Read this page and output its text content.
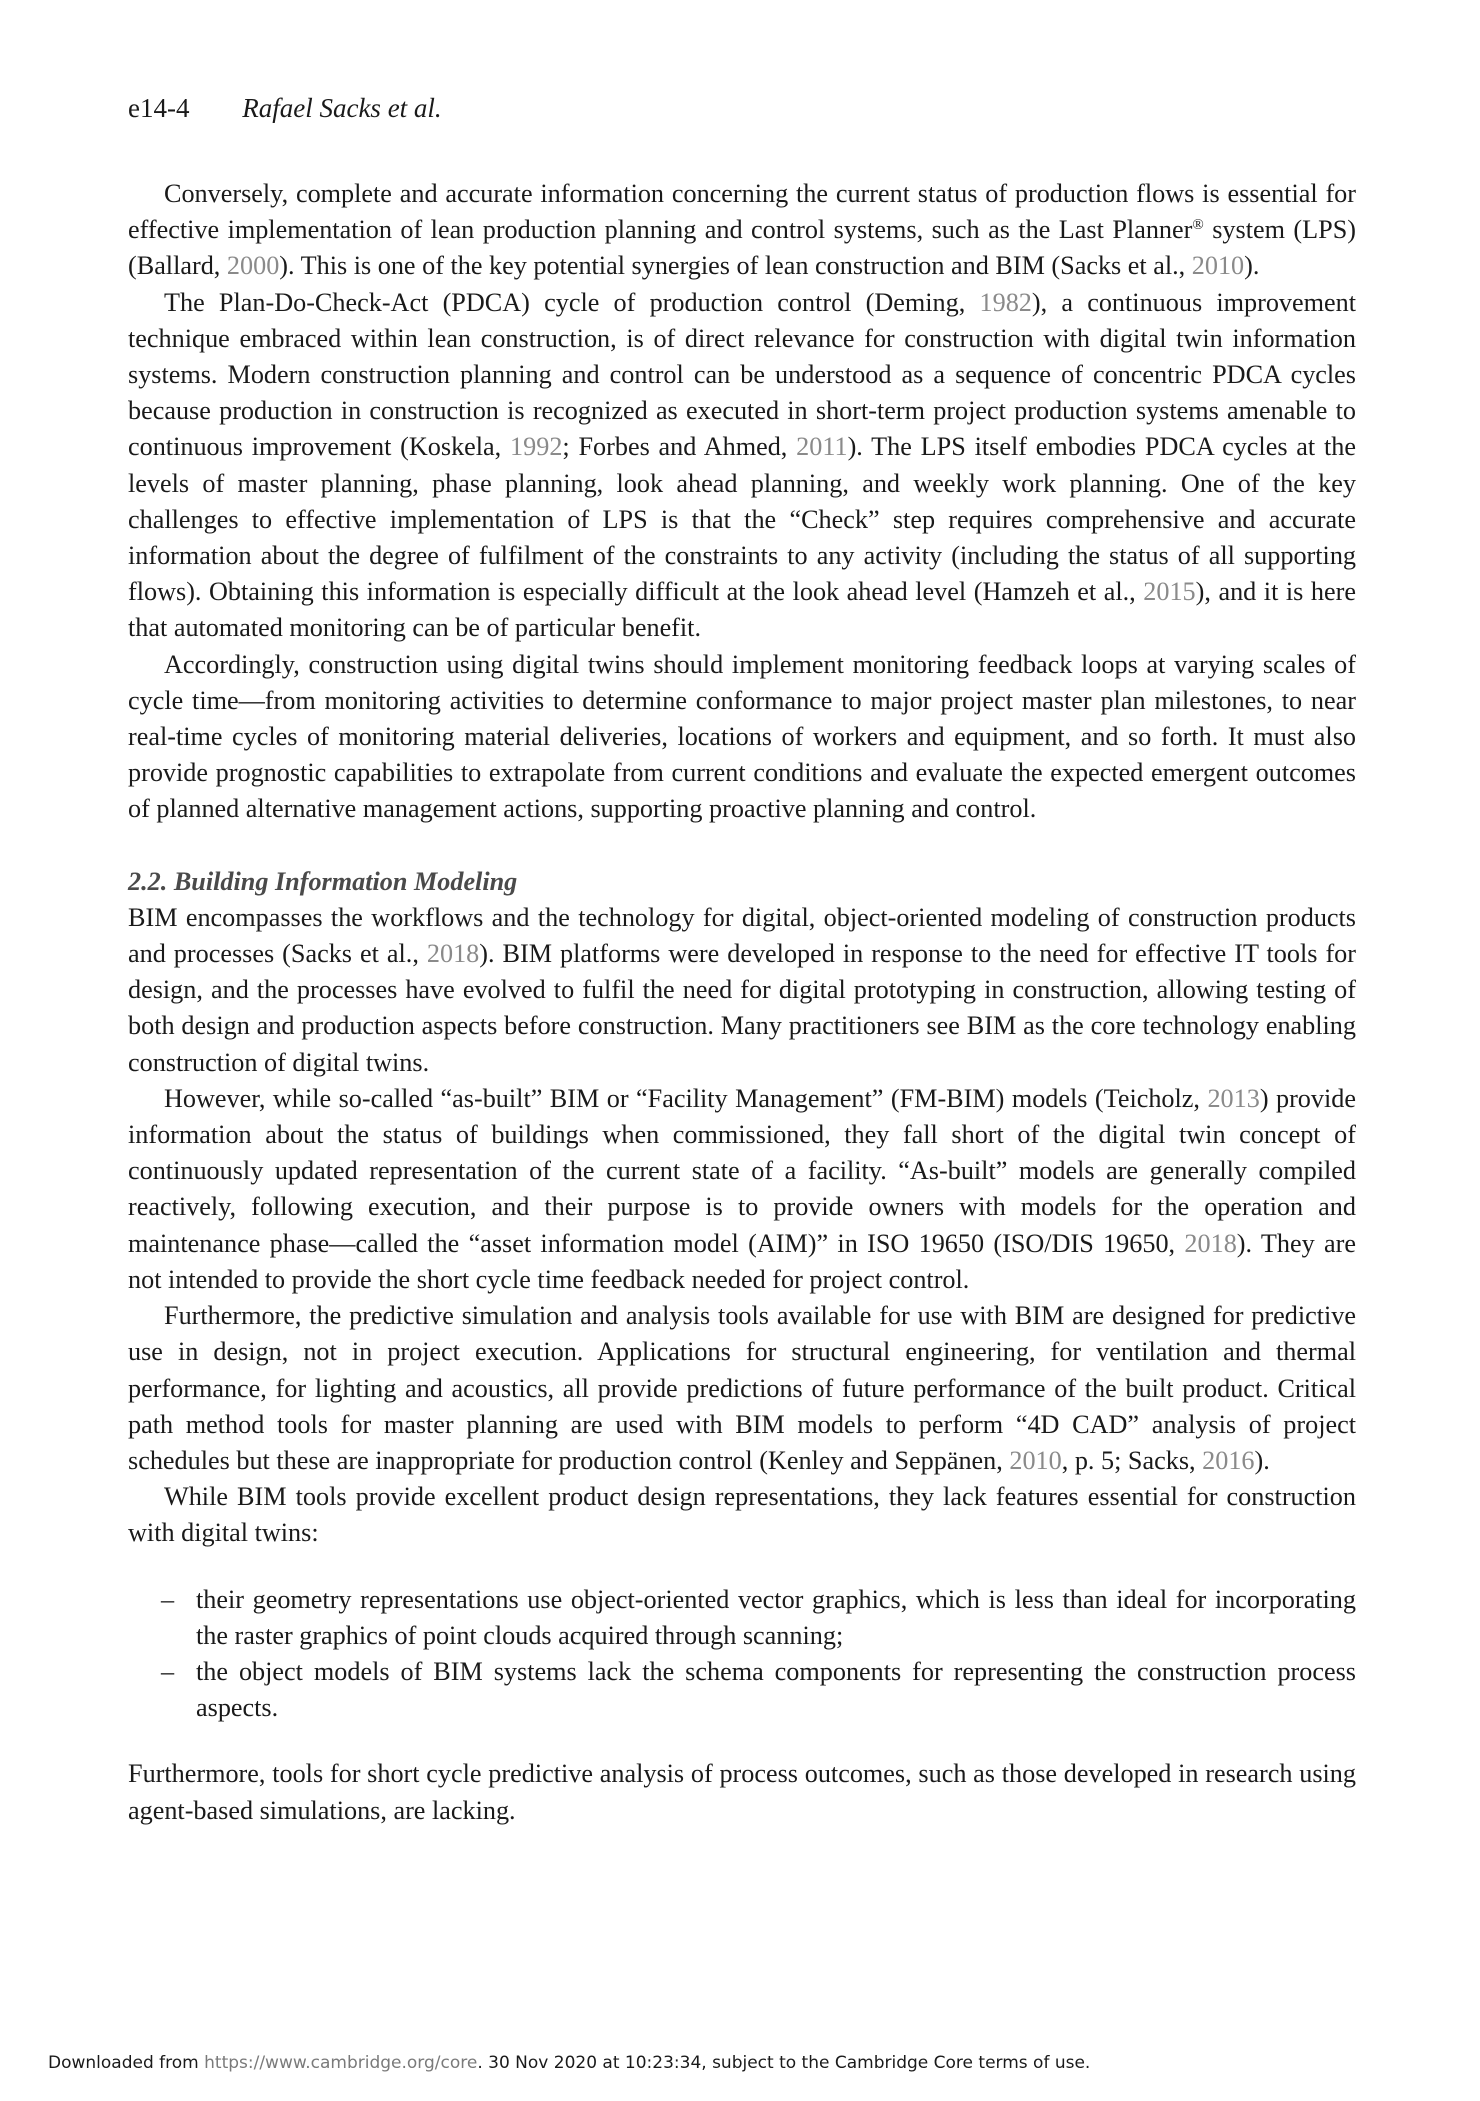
e14-4 Rafael Sacks et al.

Conversely, complete and accurate information concerning the current status of production flows is essential for effective implementation of lean production planning and control systems, such as the Last Planner® system (LPS) (Ballard, 2000). This is one of the key potential synergies of lean construction and BIM (Sacks et al., 2010).

The Plan-Do-Check-Act (PDCA) cycle of production control (Deming, 1982), a continuous improvement technique embraced within lean construction, is of direct relevance for construction with digital twin information systems. Modern construction planning and control can be understood as a sequence of concentric PDCA cycles because production in construction is recognized as executed in short-term project production systems amenable to continuous improvement (Koskela, 1992; Forbes and Ahmed, 2011). The LPS itself embodies PDCA cycles at the levels of master planning, phase planning, look ahead planning, and weekly work planning. One of the key challenges to effective implementation of LPS is that the “Check” step requires comprehensive and accurate information about the degree of fulfilment of the constraints to any activity (including the status of all supporting flows). Obtaining this information is especially difficult at the look ahead level (Hamzeh et al., 2015), and it is here that automated monitoring can be of particular benefit.

Accordingly, construction using digital twins should implement monitoring feedback loops at varying scales of cycle time—from monitoring activities to determine conformance to major project master plan milestones, to near real-time cycles of monitoring material deliveries, locations of workers and equipment, and so forth. It must also provide prognostic capabilities to extrapolate from current conditions and evaluate the expected emergent outcomes of planned alternative management actions, supporting proactive planning and control.

2.2. Building Information Modeling

BIM encompasses the workflows and the technology for digital, object-oriented modeling of construction products and processes (Sacks et al., 2018). BIM platforms were developed in response to the need for effective IT tools for design, and the processes have evolved to fulfil the need for digital prototyping in construction, allowing testing of both design and production aspects before construction. Many practitioners see BIM as the core technology enabling construction of digital twins.

However, while so-called “as-built” BIM or “Facility Management” (FM-BIM) models (Teicholz, 2013) provide information about the status of buildings when commissioned, they fall short of the digital twin concept of continuously updated representation of the current state of a facility. “As-built” models are generally compiled reactively, following execution, and their purpose is to provide owners with models for the operation and maintenance phase—called the “asset information model (AIM)” in ISO 19650 (ISO/DIS 19650, 2018). They are not intended to provide the short cycle time feedback needed for project control.

Furthermore, the predictive simulation and analysis tools available for use with BIM are designed for predictive use in design, not in project execution. Applications for structural engineering, for ventilation and thermal performance, for lighting and acoustics, all provide predictions of future performance of the built product. Critical path method tools for master planning are used with BIM models to perform “4D CAD” analysis of project schedules but these are inappropriate for production control (Kenley and Seppänen, 2010, p. 5; Sacks, 2016).

While BIM tools provide excellent product design representations, they lack features essential for construction with digital twins:

– their geometry representations use object-oriented vector graphics, which is less than ideal for incorporating the raster graphics of point clouds acquired through scanning;
– the object models of BIM systems lack the schema components for representing the construction process aspects.

Furthermore, tools for short cycle predictive analysis of process outcomes, such as those developed in research using agent-based simulations, are lacking.

Downloaded from https://www.cambridge.org/core. 30 Nov 2020 at 10:23:34, subject to the Cambridge Core terms of use.
